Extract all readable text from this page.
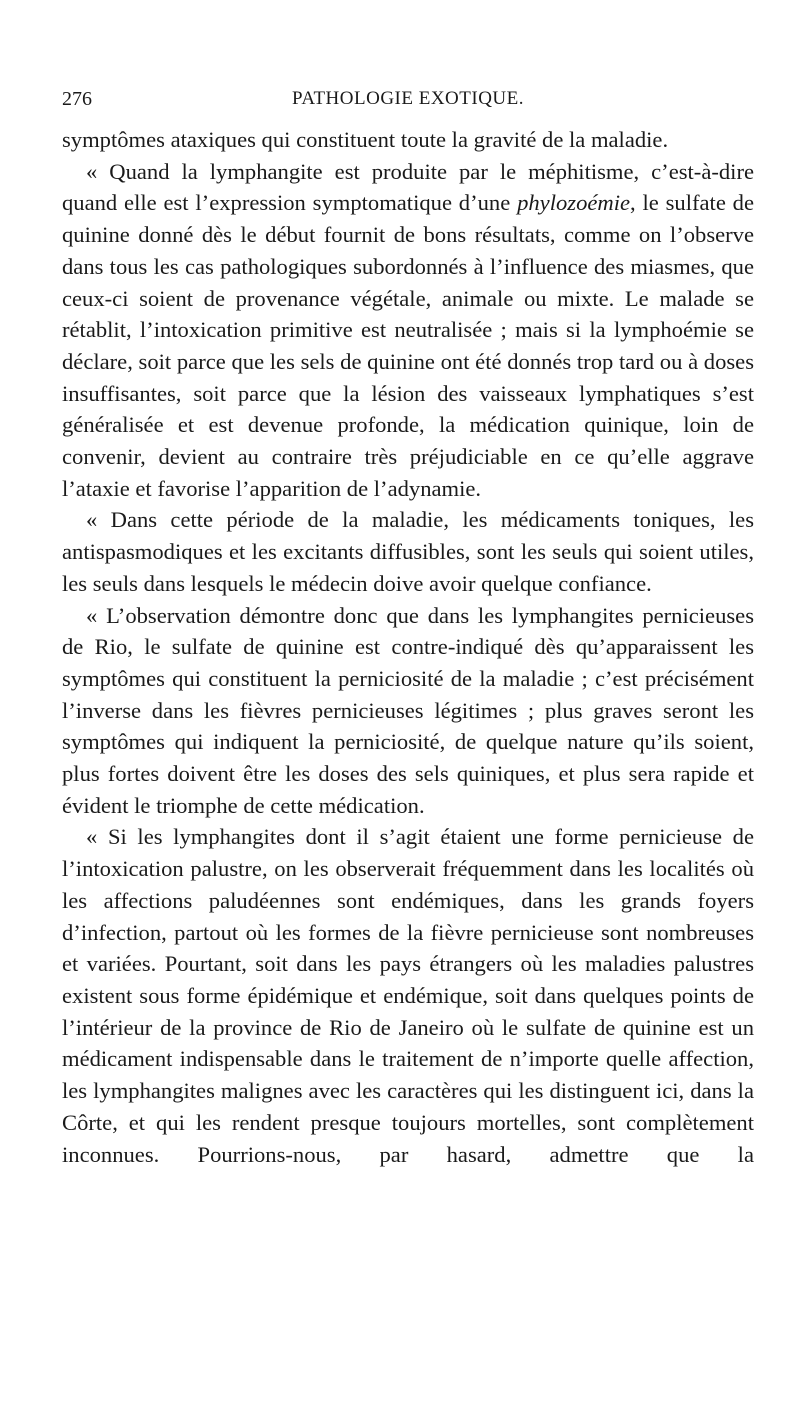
276	PATHOLOGIE EXOTIQUE.

symptômes ataxiques qui constituent toute la gravité de la maladie.

« Quand la lymphangite est produite par le méphitisme, c’est-à-dire quand elle est l’expression symptomatique d’une phylozoémie, le sulfate de quinine donné dès le début fournit de bons résultats, comme on l’observe dans tous les cas pathologiques subordonnés à l’influence des miasmes, que ceux-ci soient de provenance végétale, animale ou mixte. Le malade se rétablit, l’intoxication primitive est neutralisée ; mais si la lymphoémie se déclare, soit parce que les sels de quinine ont été donnés trop tard ou à doses insuffisantes, soit parce que la lésion des vaisseaux lymphatiques s’est généralisée et est devenue profonde, la médication quinique, loin de convenir, devient au contraire très préjudiciable en ce qu’elle aggrave l’ataxie et favorise l’apparition de l’adynamie.

« Dans cette période de la maladie, les médicaments toniques, les antispasmodiques et les excitants diffusibles, sont les seuls qui soient utiles, les seuls dans lesquels le médecin doive avoir quelque confiance.

« L’observation démontre donc que dans les lymphangites pernicieuses de Rio, le sulfate de quinine est contre-indiqué dès qu’apparaissent les symptômes qui constituent la perniciosité de la maladie ; c’est précisément l’inverse dans les fièvres pernicieuses légitimes ; plus graves seront les symptômes qui indiquent la perniciosité, de quelque nature qu’ils soient, plus fortes doivent être les doses des sels quiniques, et plus sera rapide et évident le triomphe de cette médication.

« Si les lymphangites dont il s’agit étaient une forme pernicieuse de l’intoxication palustre, on les observerait fréquemment dans les localités où les affections paludéennes sont endémiques, dans les grands foyers d’infection, partout où les formes de la fièvre pernicieuse sont nombreuses et variées. Pourtant, soit dans les pays étrangers où les maladies palustres existent sous forme épidémique et endémique, soit dans quelques points de l’intérieur de la province de Rio de Janeiro où le sulfate de quinine est un médicament indispensable dans le traitement de n’importe quelle affection, les lymphangites malignes avec les caractères qui les distinguent ici, dans la Côrte, et qui les rendent presque toujours mortelles, sont complètement inconnues. Pourrions-nous, par hasard, admettre que la
